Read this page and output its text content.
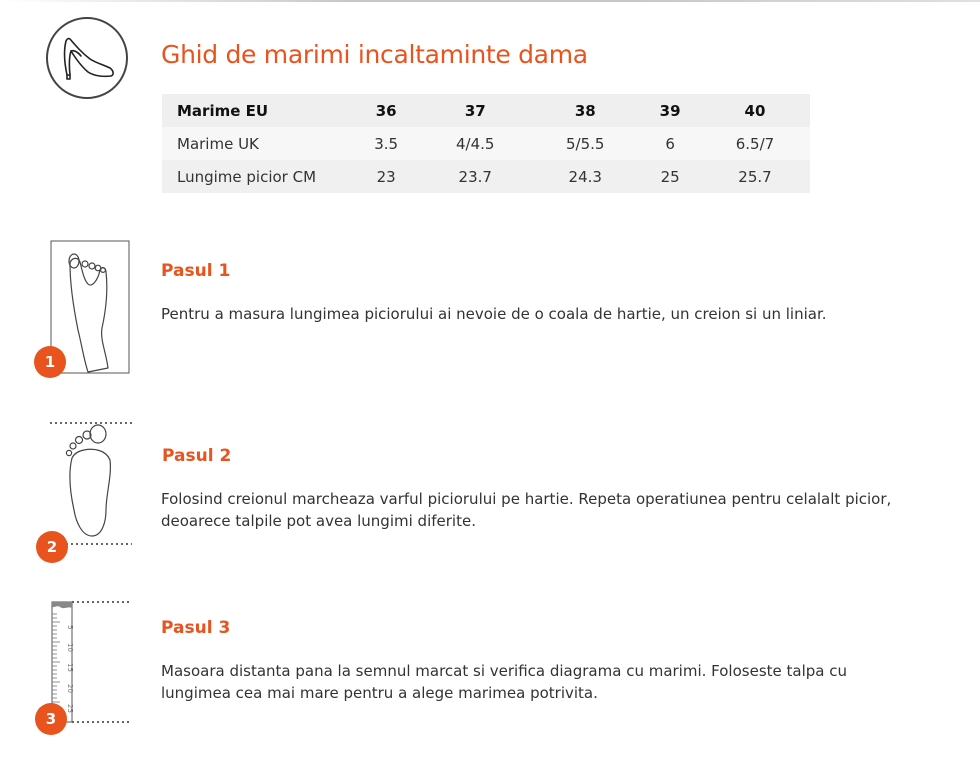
Ghid de marimi incaltaminte dama
Marime EU	36	37	38	39	40
Marime UK	3.5	4/4.5	5/5.5	6	6.5/7
Lungime picior CM	23	23.7	24.3	25	25.7
1
Pasul 1
Pentru a masura lungimea piciorului ai nevoie de o coala de hartie, un creion si un liniar.
2
Pasul 2
Folosind creionul marcheaza varful piciorului pe hartie. Repeta operatiunea pentru celalalt picior, deoarece talpile pot avea lungimi diferite.
5
10
15
20
25
3
Pasul 3
Masoara distanta pana la semnul marcat si verifica diagrama cu marimi. Foloseste talpa cu lungimea cea mai mare pentru a alege marimea potrivita.
